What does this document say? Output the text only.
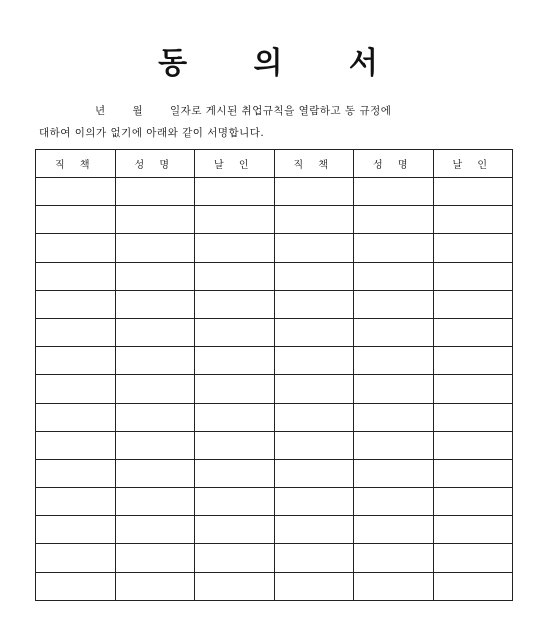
동 의 서
년       월       일자로 게시된 취업규칙을 열람하고 동 규정에
대하여 이의가 없기에 아래와 같이 서명합니다.
직 책	성 명	날 인	직 책	성 명	날 인
